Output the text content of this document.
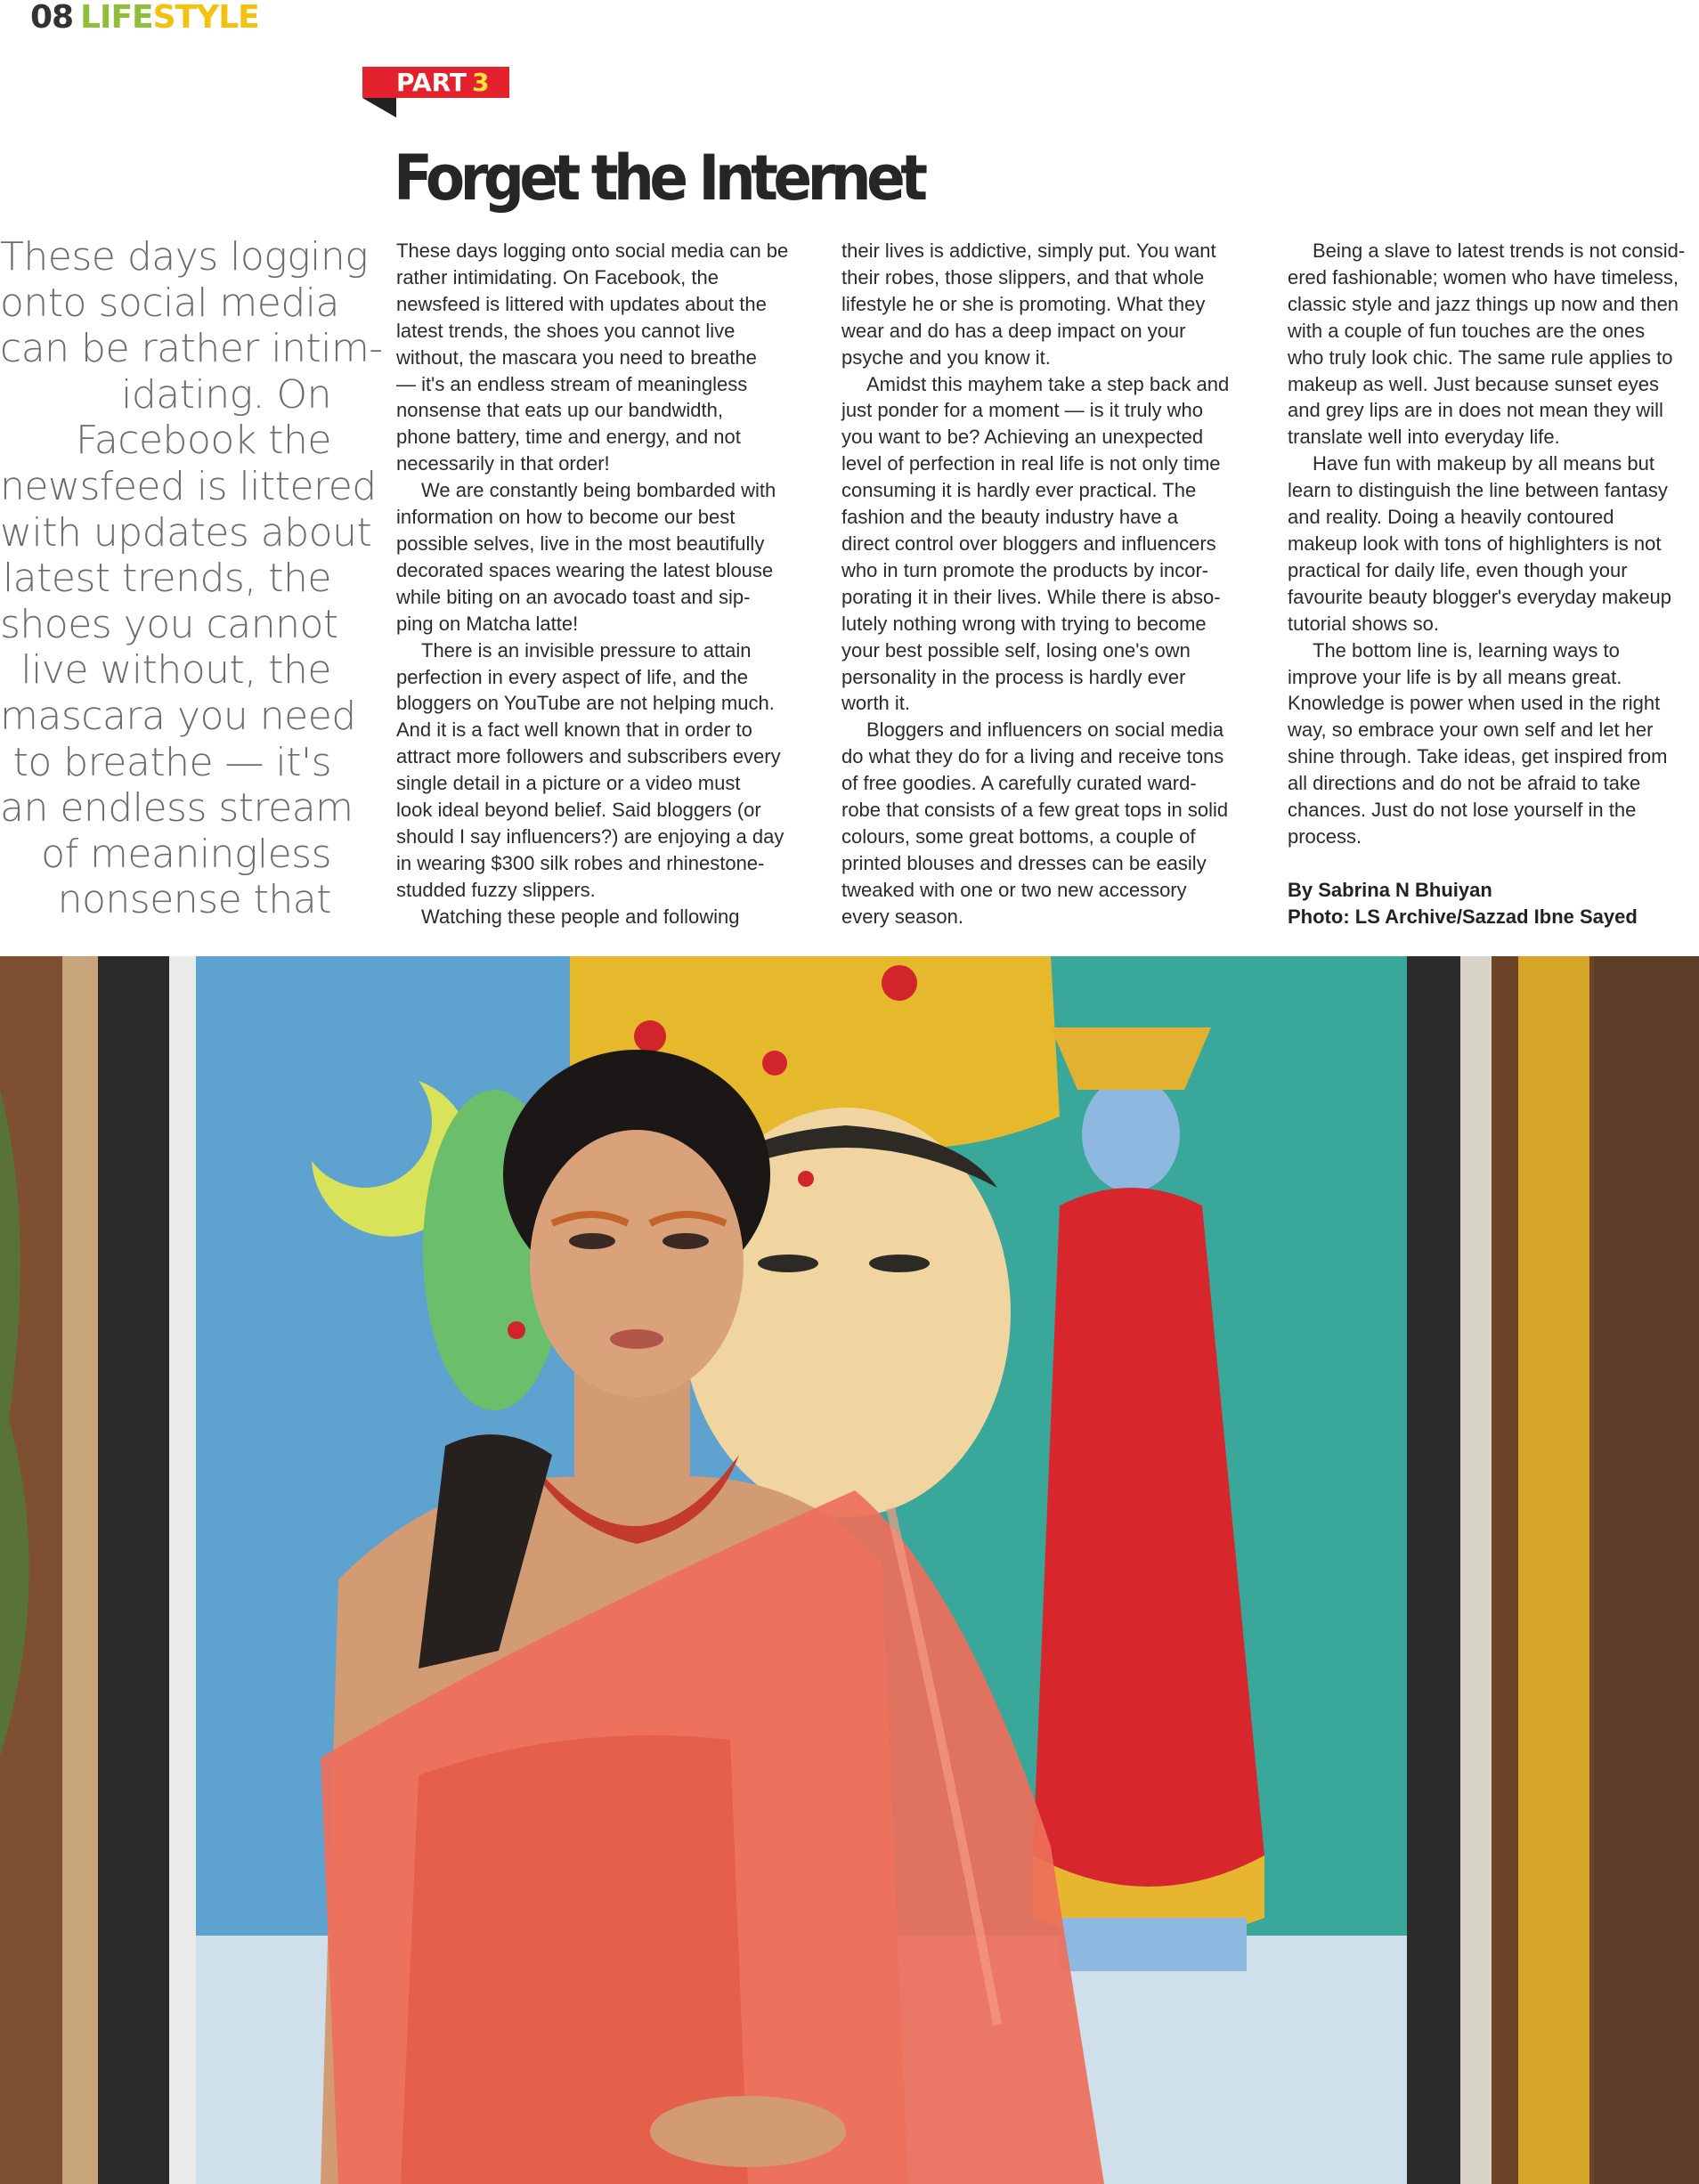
08 LIFESTYLE
PART 3
Forget the Internet
These days logging
onto social media
can be rather intim-
idating. On
Facebook the
newsfeed is littered
with updates about
latest trends, the
shoes you cannot
live without, the
mascara you need
to breathe — it's
an endless stream
of meaningless
nonsense that
These days logging onto social media can be
rather intimidating. On Facebook, the
newsfeed is littered with updates about the
latest trends, the shoes you cannot live
without, the mascara you need to breathe
— it's an endless stream of meaningless
nonsense that eats up our bandwidth,
phone battery, time and energy, and not
necessarily in that order!
We are constantly being bombarded with
information on how to become our best
possible selves, live in the most beautifully
decorated spaces wearing the latest blouse
while biting on an avocado toast and sip-
ping on Matcha latte!
There is an invisible pressure to attain
perfection in every aspect of life, and the
bloggers on YouTube are not helping much.
And it is a fact well known that in order to
attract more followers and subscribers every
single detail in a picture or a video must
look ideal beyond belief. Said bloggers (or
should I say influencers?) are enjoying a day
in wearing $300 silk robes and rhinestone-
studded fuzzy slippers.
Watching these people and following
their lives is addictive, simply put. You want
their robes, those slippers, and that whole
lifestyle he or she is promoting. What they
wear and do has a deep impact on your
psyche and you know it.
Amidst this mayhem take a step back and
just ponder for a moment — is it truly who
you want to be? Achieving an unexpected
level of perfection in real life is not only time
consuming it is hardly ever practical. The
fashion and the beauty industry have a
direct control over bloggers and influencers
who in turn promote the products by incor-
porating it in their lives. While there is abso-
lutely nothing wrong with trying to become
your best possible self, losing one's own
personality in the process is hardly ever
worth it.
Bloggers and influencers on social media
do what they do for a living and receive tons
of free goodies. A carefully curated ward-
robe that consists of a few great tops in solid
colours, some great bottoms, a couple of
printed blouses and dresses can be easily
tweaked with one or two new accessory
every season.
Being a slave to latest trends is not consid-
ered fashionable; women who have timeless,
classic style and jazz things up now and then
with a couple of fun touches are the ones
who truly look chic. The same rule applies to
makeup as well. Just because sunset eyes
and grey lips are in does not mean they will
translate well into everyday life.
Have fun with makeup by all means but
learn to distinguish the line between fantasy
and reality. Doing a heavily contoured
makeup look with tons of highlighters is not
practical for daily life, even though your
favourite beauty blogger's everyday makeup
tutorial shows so.
The bottom line is, learning ways to
improve your life is by all means great.
Knowledge is power when used in the right
way, so embrace your own self and let her
shine through. Take ideas, get inspired from
all directions and do not be afraid to take
chances. Just do not lose yourself in the
process.
By Sabrina N Bhuiyan
Photo: LS Archive/Sazzad Ibne Sayed
